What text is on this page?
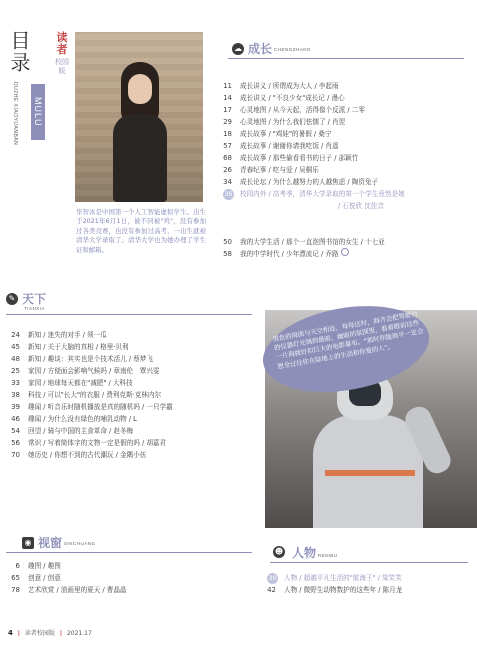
目录
MULU
DUZHE XIAOYUANBAN
读者
校园版
华智冰是中国第一个人工智能虚拟学生。出生于2021年6月1日，被不同被"鸡"，没有参加过各类竞赛，也没有参加过高考，一出生就被清华大学录取了。清华大学也为她办理了学生证和邮箱。
☁ 成长 CHENGZHANG
11	成长讲义 / 所谓成为大人 / 李起雨
14	成长讲义 / "不良少女"成长记 / 漫心
17	心灵地图 / 从今天起，活得像个反派 / 二零
29	心灵地图 / 为什么我们怯懦了 / 肖翌
18	成长故事 / "鸡娃"的暑假 / 桑宁
57	成长故事 / 谢谢你请我吃饭 / 肖遥
68	成长故事 / 那些偷看看书的日子 / 邵颖竹
26	青春纪事 / 吃与爱 / 吴桐乐
34	成长论坛 / 为什么越努力的人越焦虑 / 陶资兔子
36	校园内外 / 高考季，清华大学录取的第一个学生竟然是她
/ 石悦欣 沈佳音
50	我的大学生活 / 那个一直泡图书馆的女生 / 十七亚
58	我的中学时代 / 少年漂流记 / 乔路
✎ 天下
TIANXIA
24	新知 / 迷失的对手 / 须一瓜
45	新知 / 关于大脑的真相 / 格里·贝利
48	新知 / 趣谈：其实也是个技术活儿 / 蔡梦飞
25	家园 / 方便面会影响气候吗 / 章南伦　覃兴雯
33	家园 / 地球每天都在"减肥" / 大科技
38	科技 / 可以"长大"的衣服 / 费利克斯·克林内尔
39	趣闻 / 听音乐时随机播放是真的随机吗 / 一只学霸
46	趣闻 / 为什么没有绿色的哺乳动物 / L
54	回望 / 骑与中国的主食革命 / 赵冬梅
56	常识 / 写着简体字的文物一定是假的吗 / 胡嘉君
70	她历史 / 你想不到的古代潮玩 / 金隅小伍
黑色的海面与天空相连，每每这时，海齐会把驾驶台的仪器灯光调到最暗，幽暗的氛围里，看着眼前这些一片海就好似巨大的电影幕布。"那时你能海平一定会想全过往你在陆地上的生活和你爱的人"。
◉ 视窗 SHICHUANG
6	趣图 / 趣图
65	创意 / 创意
78	艺术欣赏 / 油画里的夏天 / 曹晶晶
☻ 人物 RENWU
30	人物 / 超越平凡生活的"航海王" / 梁笑笑
42	人物 / 微野生动物数护的这些年 / 陈月龙
4 | 读者校园版 | 2021.17
